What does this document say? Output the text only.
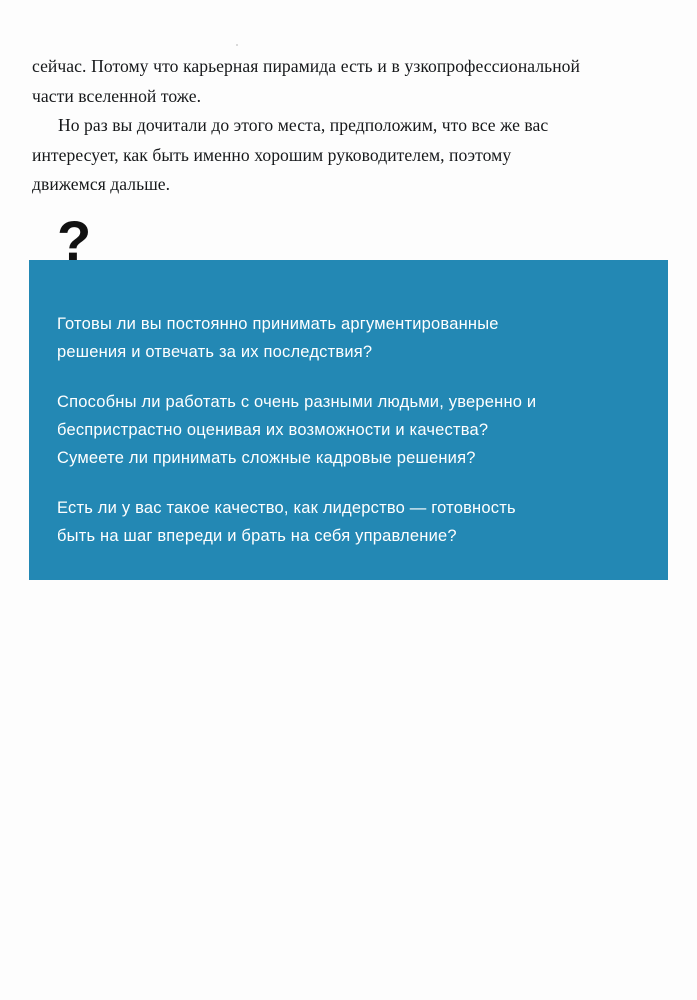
сейчас. Потому что карьерная пирамида есть и в узкопрофессиональной части вселенной тоже.

Но раз вы дочитали до этого места, предположим, что все же вас интересует, как быть именно хорошим руководителем, поэтому движемся дальше.

?

Готовы ли вы постоянно принимать аргументированные решения и отвечать за их последствия?

Способны ли работать с очень разными людьми, уверенно и беспристрастно оценивая их возможности и качества? Сумеете ли принимать сложные кадровые решения?

Есть ли у вас такое качество, как лидерство — готовность быть на шаг впереди и брать на себя управление?
